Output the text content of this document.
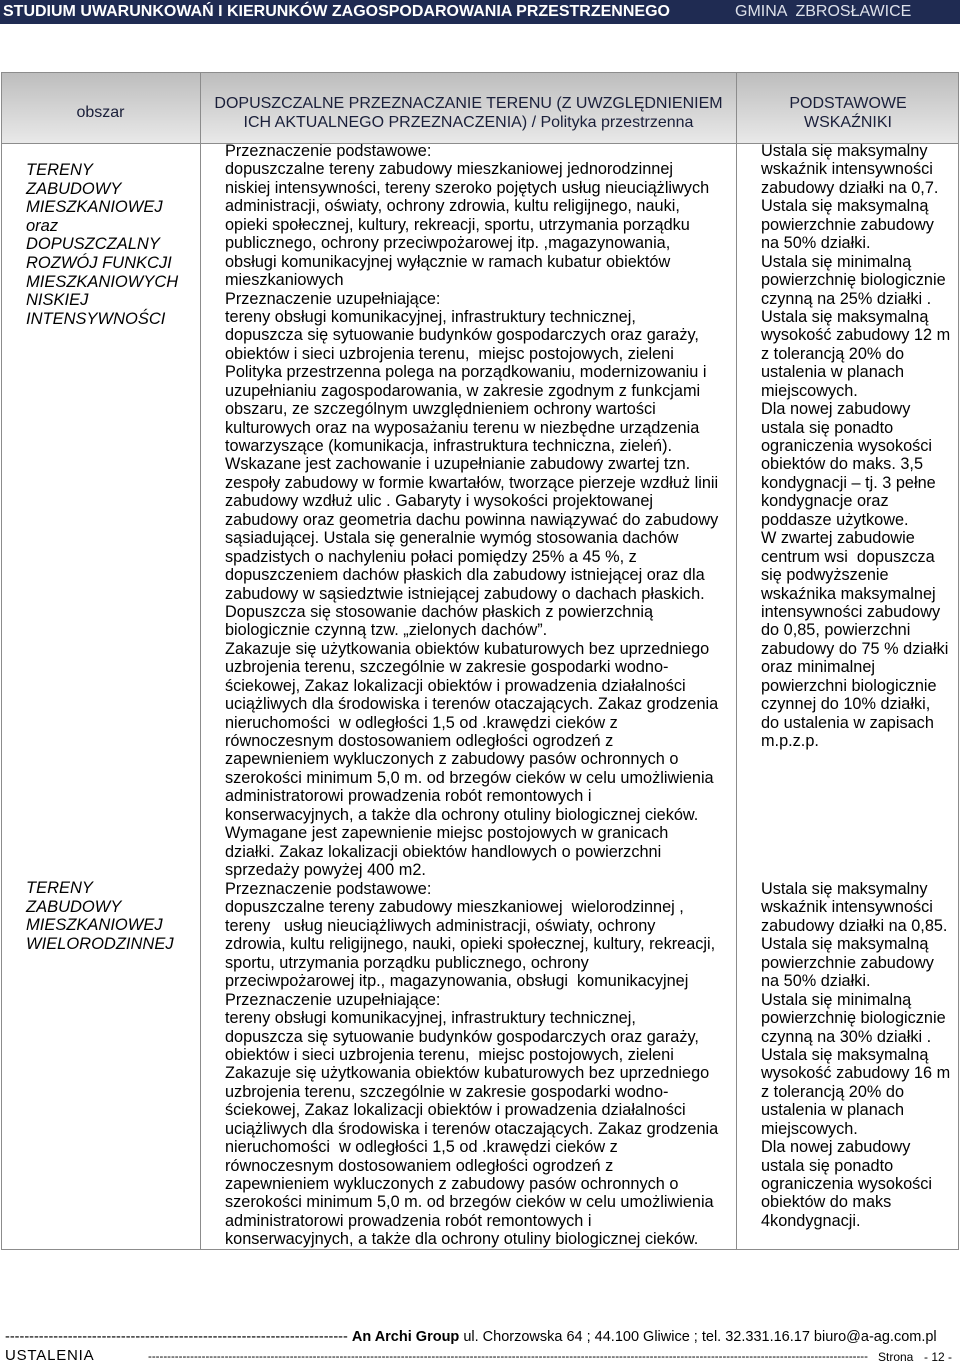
STUDIUM UWARUNKOWAŃ I KIERUNKÓW ZAGOSPODAROWANIA PRZESTRZENNEGO	GMINA  ZBROSŁAWICE
obszar
DOPUSZCZALNE PRZEZNACZANIE TERENU (Z UWZGLĘDNIENIEM
ICH AKTUALNEGO PRZEZNACZENIA) / Polityka przestrzenna
PODSTAWOWE
WSKAŹNIKI
TERENY
ZABUDOWY
MIESZKANIOWEJ
oraz
DOPUSZCZALNY
ROZWÓJ FUNKCJI
MIESZKANIOWYCH
NISKIEJ
INTENSYWNOŚCI
Przeznaczenie podstawowe:
dopuszczalne tereny zabudowy mieszkaniowej jednorodzinnej
niskiej intensywności, tereny szeroko pojętych usług nieuciążliwych
administracji, oświaty, ochrony zdrowia, kultu religijnego, nauki,
opieki społecznej, kultury, rekreacji, sportu, utrzymania porządku
publicznego, ochrony przeciwpożarowej itp. ,magazynowania,
obsługi komunikacyjnej wyłącznie w ramach kubatur obiektów
mieszkaniowych
Przeznaczenie uzupełniające:
tereny obsługi komunikacyjnej, infrastruktury technicznej,
dopuszcza się sytuowanie budynków gospodarczych oraz garaży,
obiektów i sieci uzbrojenia terenu,  miejsc postojowych, zieleni
Polityka przestrzenna polega na porządkowaniu, modernizowaniu i
uzupełnianiu zagospodarowania, w zakresie zgodnym z funkcjami
obszaru, ze szczególnym uwzględnieniem ochrony wartości
kulturowych oraz na wyposażaniu terenu w niezbędne urządzenia
towarzyszące (komunikacja, infrastruktura techniczna, zieleń).
Wskazane jest zachowanie i uzupełnianie zabudowy zwartej tzn.
zespoły zabudowy w formie kwartałów, tworzące pierzeje wzdłuż linii
zabudowy wzdłuż ulic . Gabaryty i wysokości projektowanej
zabudowy oraz geometria dachu powinna nawiązywać do zabudowy
sąsiadującej. Ustala się generalnie wymóg stosowania dachów
spadzistych o nachyleniu połaci pomiędzy 25% a 45 %, z
dopuszczeniem dachów płaskich dla zabudowy istniejącej oraz dla
zabudowy w sąsiedztwie istniejącej zabudowy o dachach płaskich.
Dopuszcza się stosowanie dachów płaskich z powierzchnią
biologicznie czynną tzw. „zielonych dachów”.
Zakazuje się użytkowania obiektów kubaturowych bez uprzedniego
uzbrojenia terenu, szczególnie w zakresie gospodarki wodno-
ściekowej, Zakaz lokalizacji obiektów i prowadzenia działalności
uciążliwych dla środowiska i terenów otaczających. Zakaz grodzenia
nieruchomości  w odległości 1,5 od .krawędzi cieków z
równoczesnym dostosowaniem odległości ogrodzeń z
zapewnieniem wykluczonych z zabudowy pasów ochronnych o
szerokości minimum 5,0 m. od brzegów cieków w celu umożliwienia
administratorowi prowadzenia robót remontowych i
konserwacyjnych, a także dla ochrony otuliny biologicznej cieków.
Wymagane jest zapewnienie miejsc postojowych w granicach
działki. Zakaz lokalizacji obiektów handlowych o powierzchni
sprzedaży powyżej 400 m2.
Ustala się maksymalny
wskaźnik intensywności
zabudowy działki na 0,7.
Ustala się maksymalną
powierzchnie zabudowy
na 50% działki.
Ustala się minimalną
powierzchnię biologicznie
czynną na 25% działki .
Ustala się maksymalną
wysokość zabudowy 12 m
z tolerancją 20% do
ustalenia w planach
miejscowych.
Dla nowej zabudowy
ustala się ponadto
ograniczenia wysokości
obiektów do maks. 3,5
kondygnacji – tj. 3 pełne
kondygnacje oraz
poddasze użytkowe.
W zwartej zabudowie
centrum wsi  dopuszcza
się podwyższenie
wskaźnika maksymalnej
intensywności zabudowy
do 0,85, powierzchni
zabudowy do 75 % działki
oraz minimalnej
powierzchni biologicznie
czynnej do 10% działki,
do ustalenia w zapisach
m.p.z.p.
TERENY
ZABUDOWY
MIESZKANIOWEJ
WIELORODZINNEJ
Przeznaczenie podstawowe:
dopuszczalne tereny zabudowy mieszkaniowej  wielorodzinnej ,
tereny   usług nieuciążliwych administracji, oświaty, ochrony
zdrowia, kultu religijnego, nauki, opieki społecznej, kultury, rekreacji,
sportu, utrzymania porządku publicznego, ochrony
przeciwpożarowej itp., magazynowania, obsługi  komunikacyjnej
Przeznaczenie uzupełniające:
tereny obsługi komunikacyjnej, infrastruktury technicznej,
dopuszcza się sytuowanie budynków gospodarczych oraz garaży,
obiektów i sieci uzbrojenia terenu,  miejsc postojowych, zieleni
Zakazuje się użytkowania obiektów kubaturowych bez uprzedniego
uzbrojenia terenu, szczególnie w zakresie gospodarki wodno-
ściekowej, Zakaz lokalizacji obiektów i prowadzenia działalności
uciążliwych dla środowiska i terenów otaczających. Zakaz grodzenia
nieruchomości  w odległości 1,5 od .krawędzi cieków z
równoczesnym dostosowaniem odległości ogrodzeń z
zapewnieniem wykluczonych z zabudowy pasów ochronnych o
szerokości minimum 5,0 m. od brzegów cieków w celu umożliwienia
administratorowi prowadzenia robót remontowych i
konserwacyjnych, a także dla ochrony otuliny biologicznej cieków.
Ustala się maksymalny
wskaźnik intensywności
zabudowy działki na 0,85.
Ustala się maksymalną
powierzchnie zabudowy
na 50% działki.
Ustala się minimalną
powierzchnię biologicznie
czynną na 30% działki .
Ustala się maksymalną
wysokość zabudowy 16 m
z tolerancją 20% do
ustalenia w planach
miejscowych.
Dla nowej zabudowy
ustala się ponadto
ograniczenia wysokości
obiektów do maks
4kondygnacji.
----------------------------------------------------------------------- An Archi Group ul. Chorzowska 64 ; 44.100 Gliwice ; tel. 32.331.16.17 biuro@a-ag.com.pl
USTALENIA	-------------------------------------------------------------------------------------------------------------------------------------------------------------------------------------------- Strona - 12 -
